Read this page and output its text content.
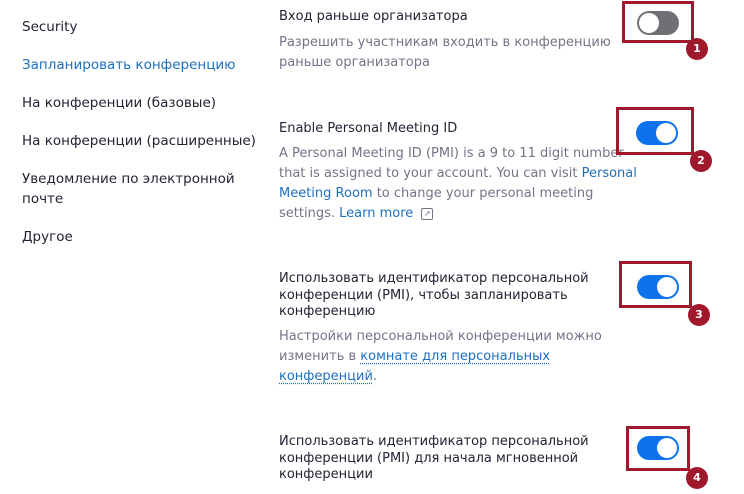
Security
Запланировать конференцию
На конференции (базовые)
На конференции (расширенные)
Уведомление по электронной почте
Другое
Вход раньше организатора
Разрешить участникам входить в конференцию
раньше организатора
1
Enable Personal Meeting ID
A Personal Meeting ID (PMI) is a 9 to 11 digit number
that is assigned to your account. You can visit Personal
Meeting Room to change your personal meeting
settings. Learn more ↗
2
Использовать идентификатор персональной
конференции (PMI), чтобы запланировать
конференцию
Настройки персональной конференции можно
изменить в комнате для персональных
конференций.
3
Использовать идентификатор персональной
конференции (PMI) для начала мгновенной
конференции	4
